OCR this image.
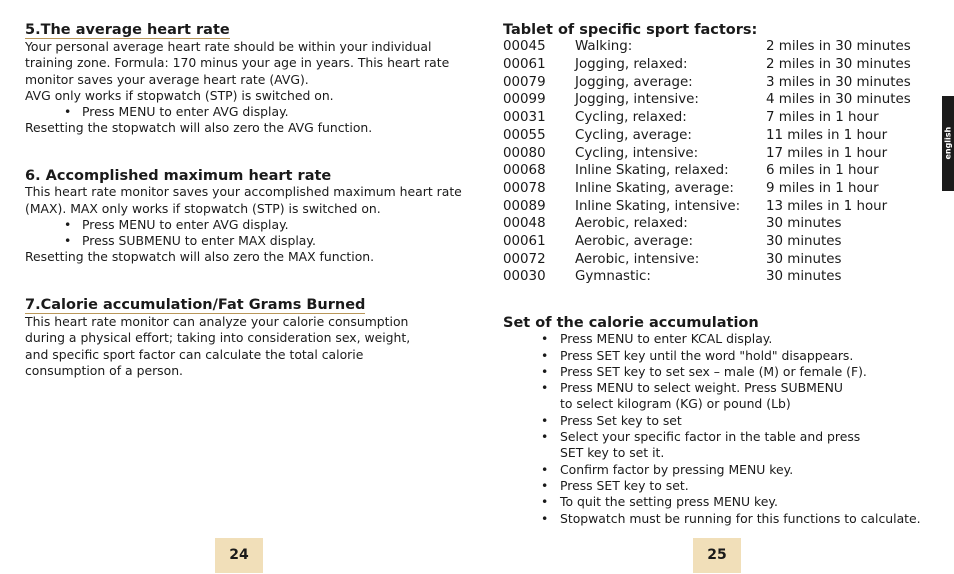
5.The average heart rate

Your personal average heart rate should be within your individual training zone. Formula: 170 minus your age in years. This heart rate monitor saves your average heart rate (AVG).

AVG only works if stopwatch (STP) is switched on.

• Press MENU to enter AVG display.

Resetting the stopwatch will also zero the AVG function.

6. Accomplished maximum heart rate

This heart rate monitor saves your accomplished maximum heart rate (MAX). MAX only works if stopwatch (STP) is switched on.

• Press MENU to enter AVG display.
• Press SUBMENU to enter MAX display.

Resetting the stopwatch will also zero the MAX function.

7.Calorie accumulation/Fat Grams Burned

This heart rate monitor can analyze your calorie consumption during a physical effort; taking into consideration sex, weight, and specific sport factor can calculate the total calorie consumption of a person.

24
Tablet of specific sport factors:
00045	Walking:	2 miles in 30 minutes
00061	Jogging, relaxed:	2 miles in 30 minutes
00079	Jogging, average:	3 miles in 30 minutes
00099	Jogging, intensive:	4 miles in 30 minutes
00031	Cycling, relaxed:	7 miles in 1 hour
00055	Cycling, average:	11 miles in 1 hour
00080	Cycling, intensive:	17 miles in 1 hour
00068	Inline Skating, relaxed:	6 miles in 1 hour
00078	Inline Skating, average:	9 miles in 1 hour
00089	Inline Skating, intensive:	13 miles in 1 hour
00048	Aerobic, relaxed:	30 minutes
00061	Aerobic, average:	30 minutes
00072	Aerobic, intensive:	30 minutes
00030	Gymnastic:	30 minutes
Set of the calorie accumulation
• Press MENU to enter KCAL display.
• Press SET key until the word "hold" disappears.
• Press SET key to set sex – male (M) or female (F).
• Press MENU to select weight. Press SUBMENU
to select kilogram (KG) or pound (Lb)
• Press Set key to set
• Select your specific factor in the table and press
SET key to set it.
• Confirm factor by pressing MENU key.
• Press SET key to set.
• To quit the setting press MENU key.
• Stopwatch must be running for this functions to calculate.
25
english
